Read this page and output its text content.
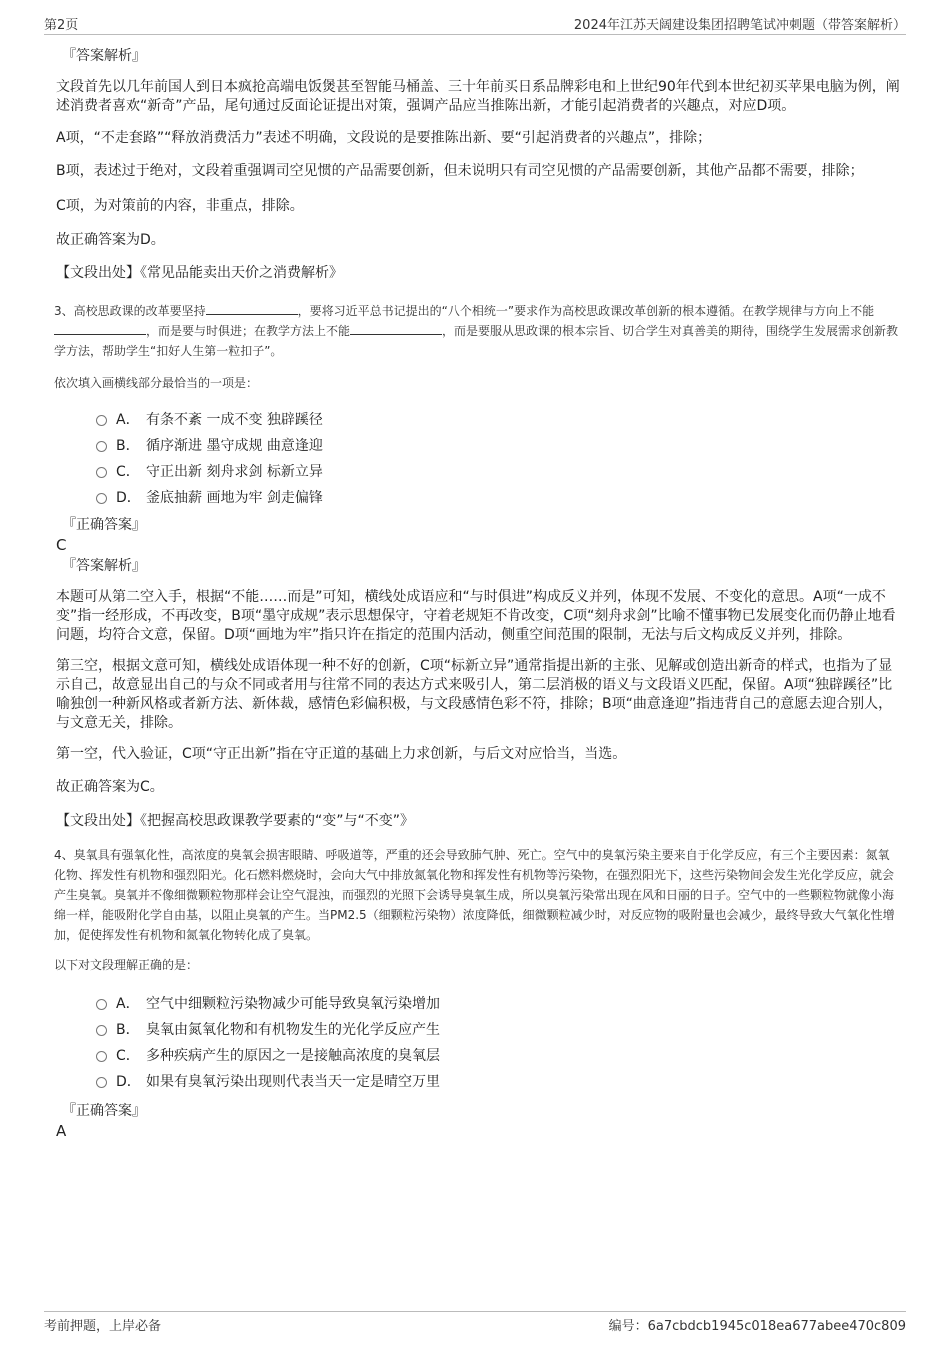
第2页	2024年江苏天阔建设集团招聘笔试冲刺题（带答案解析）
『答案解析』

文段首先以几年前国人到日本疯抢高端电饭煲甚至智能马桶盖、三十年前买日系品牌彩电和上世纪90年代到本世纪初买苹果电脑为例，阐述消费者喜欢“新奇”产品，尾句通过反面论证提出对策，强调产品应当推陈出新，才能引起消费者的兴趣点，对应D项。

A项，“不走套路”“释放消费活力”表述不明确，文段说的是要推陈出新、要“引起消费者的兴趣点”，排除；

B项，表述过于绝对，文段着重强调司空见惯的产品需要创新，但未说明只有司空见惯的产品需要创新，其他产品都不需要，排除；

C项，为对策前的内容，非重点，排除。

故正确答案为D。

【文段出处】《常见品能卖出天价之消费解析》

3、高校思政课的改革要坚持	，要将习近平总书记提出的“八个相统一”要求作为高校思政课改革创新的根本遵循。在教学规律与方向上不能，而是要与时俱进；在教学方法上不能	，而是要服从思政课的根本宗旨、切合学生对真善美的期待，围绕学生发展需求创新教学方法，帮助学生“扣好人生第一粒扣子”。

依次填入画横线部分最恰当的一项是：

A． 有条不紊 一成不变 独辟蹊径
B． 循序渐进 墨守成规 曲意逢迎
C． 守正出新 刻舟求剑 标新立异
D． 釜底抽薪 画地为牢 剑走偏锋
『正确答案』

C

『答案解析』

本题可从第二空入手，根据“不能……而是”可知，横线处成语应和“与时俱进”构成反义并列，体现不发展、不变化的意思。A项“一成不变”指一经形成，不再改变，B项“墨守成规”表示思想保守，守着老规矩不肯改变，C项“刻舟求剑”比喻不懂事物已发展变化而仍静止地看问题，均符合文意，保留。D项“画地为牢”指只许在指定的范围内活动，侧重空间范围的限制，无法与后文构成反义并列，排除。

第三空，根据文意可知，横线处成语体现一种不好的创新，C项“标新立异”通常指提出新的主张、见解或创造出新奇的样式，也指为了显示自己，故意显出自己的与众不同或者用与往常不同的表达方式来吸引人，第二层消极的语义与文段语义匹配，保留。A项“独辟蹊径”比喻独创一种新风格或者新方法、新体裁，感情色彩偏积极，与文段感情色彩不符，排除；B项“曲意逢迎”指违背自己的意愿去迎合别人，与文意无关，排除。

第一空，代入验证，C项“守正出新”指在守正道的基础上力求创新，与后文对应恰当，当选。

故正确答案为C。

【文段出处】《把握高校思政课教学要素的“变”与“不变”》

4、臭氧具有强氧化性，高浓度的臭氧会损害眼睛、呼吸道等，严重的还会导致肺气肿、死亡。空气中的臭氧污染主要来自于化学反应，有三个主要因素：氮氧化物、挥发性有机物和强烈阳光。化石燃料燃烧时，会向大气中排放氮氧化物和挥发性有机物等污染物，在强烈阳光下，这些污染物间会发生光化学反应，就会产生臭氧。臭氧并不像细微颗粒物那样会让空气混浊，而强烈的光照下会诱导臭氧生成，所以臭氧污染常出现在风和日丽的日子。空气中的一些颗粒物就像小海绵一样，能吸附化学自由基，以阻止臭氧的产生。当PM2.5（细颗粒污染物）浓度降低，细微颗粒减少时，对反应物的吸附量也会减少，最终导致大气氧化性增加，促使挥发性有机物和氮氧化物转化成了臭氧。

以下对文段理解正确的是：

A． 空气中细颗粒污染物减少可能导致臭氧污染增加
B． 臭氧由氮氧化物和有机物发生的光化学反应产生
C． 多种疾病产生的原因之一是接触高浓度的臭氧层
D． 如果有臭氧污染出现则代表当天一定是晴空万里
『正确答案』

A

考前押题，上岸必备	编号：6a7cbdcb1945c018ea677abee470c809
